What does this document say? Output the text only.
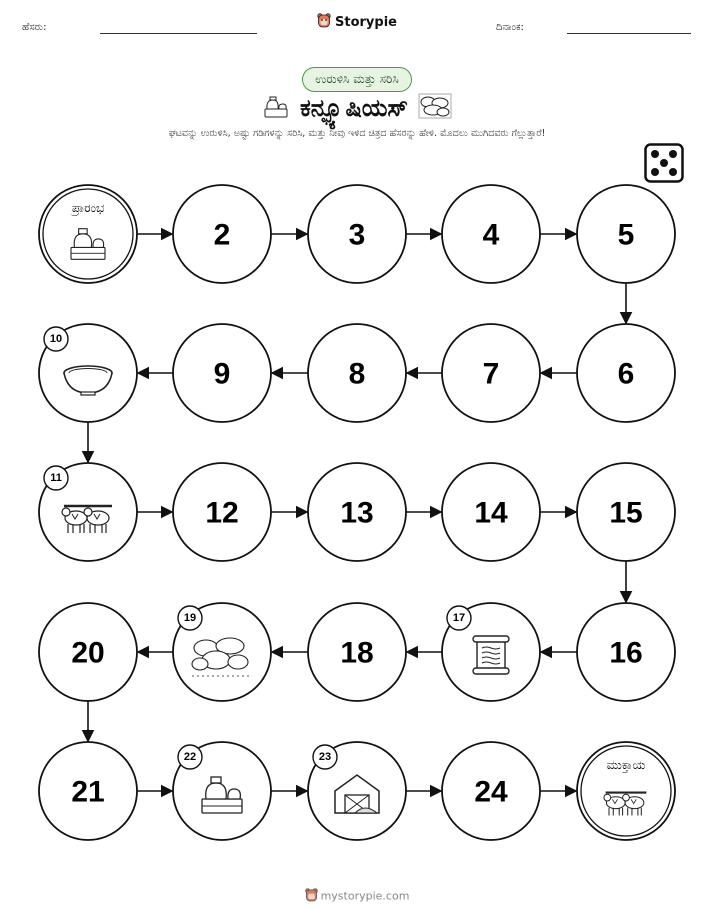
ಹೆಸರು:	ದಿನಾಂಕ:
Storypie
ಉರುಳಿಸಿ ಮತ್ತು ಸರಿಸಿ
ಕನ್ಫ್ಯೂಷಿಯಸ್
ಘಟವನ್ನು ಉರುಳಿಸಿ, ಅಷ್ಟು ಗಡಿಗಳನ್ನು ಸರಿಸಿ, ಮತ್ತು ನೀವು ಇಳಿದ ಚಿತ್ರದ ಹೆಸರನ್ನು ಹೇಳಿ. ಮೊದಲು ಮುಗಿದವರು ಗೆಲ್ಲುತ್ತಾರೆ!
ಪ್ರಾರಂಭ
2	3	4	5
6
7
8
9
10
11
12	13	14	15
16
17
18
19
20
21
22	23
24
ಮುಕ್ತಾಯ
mystorypie.com
